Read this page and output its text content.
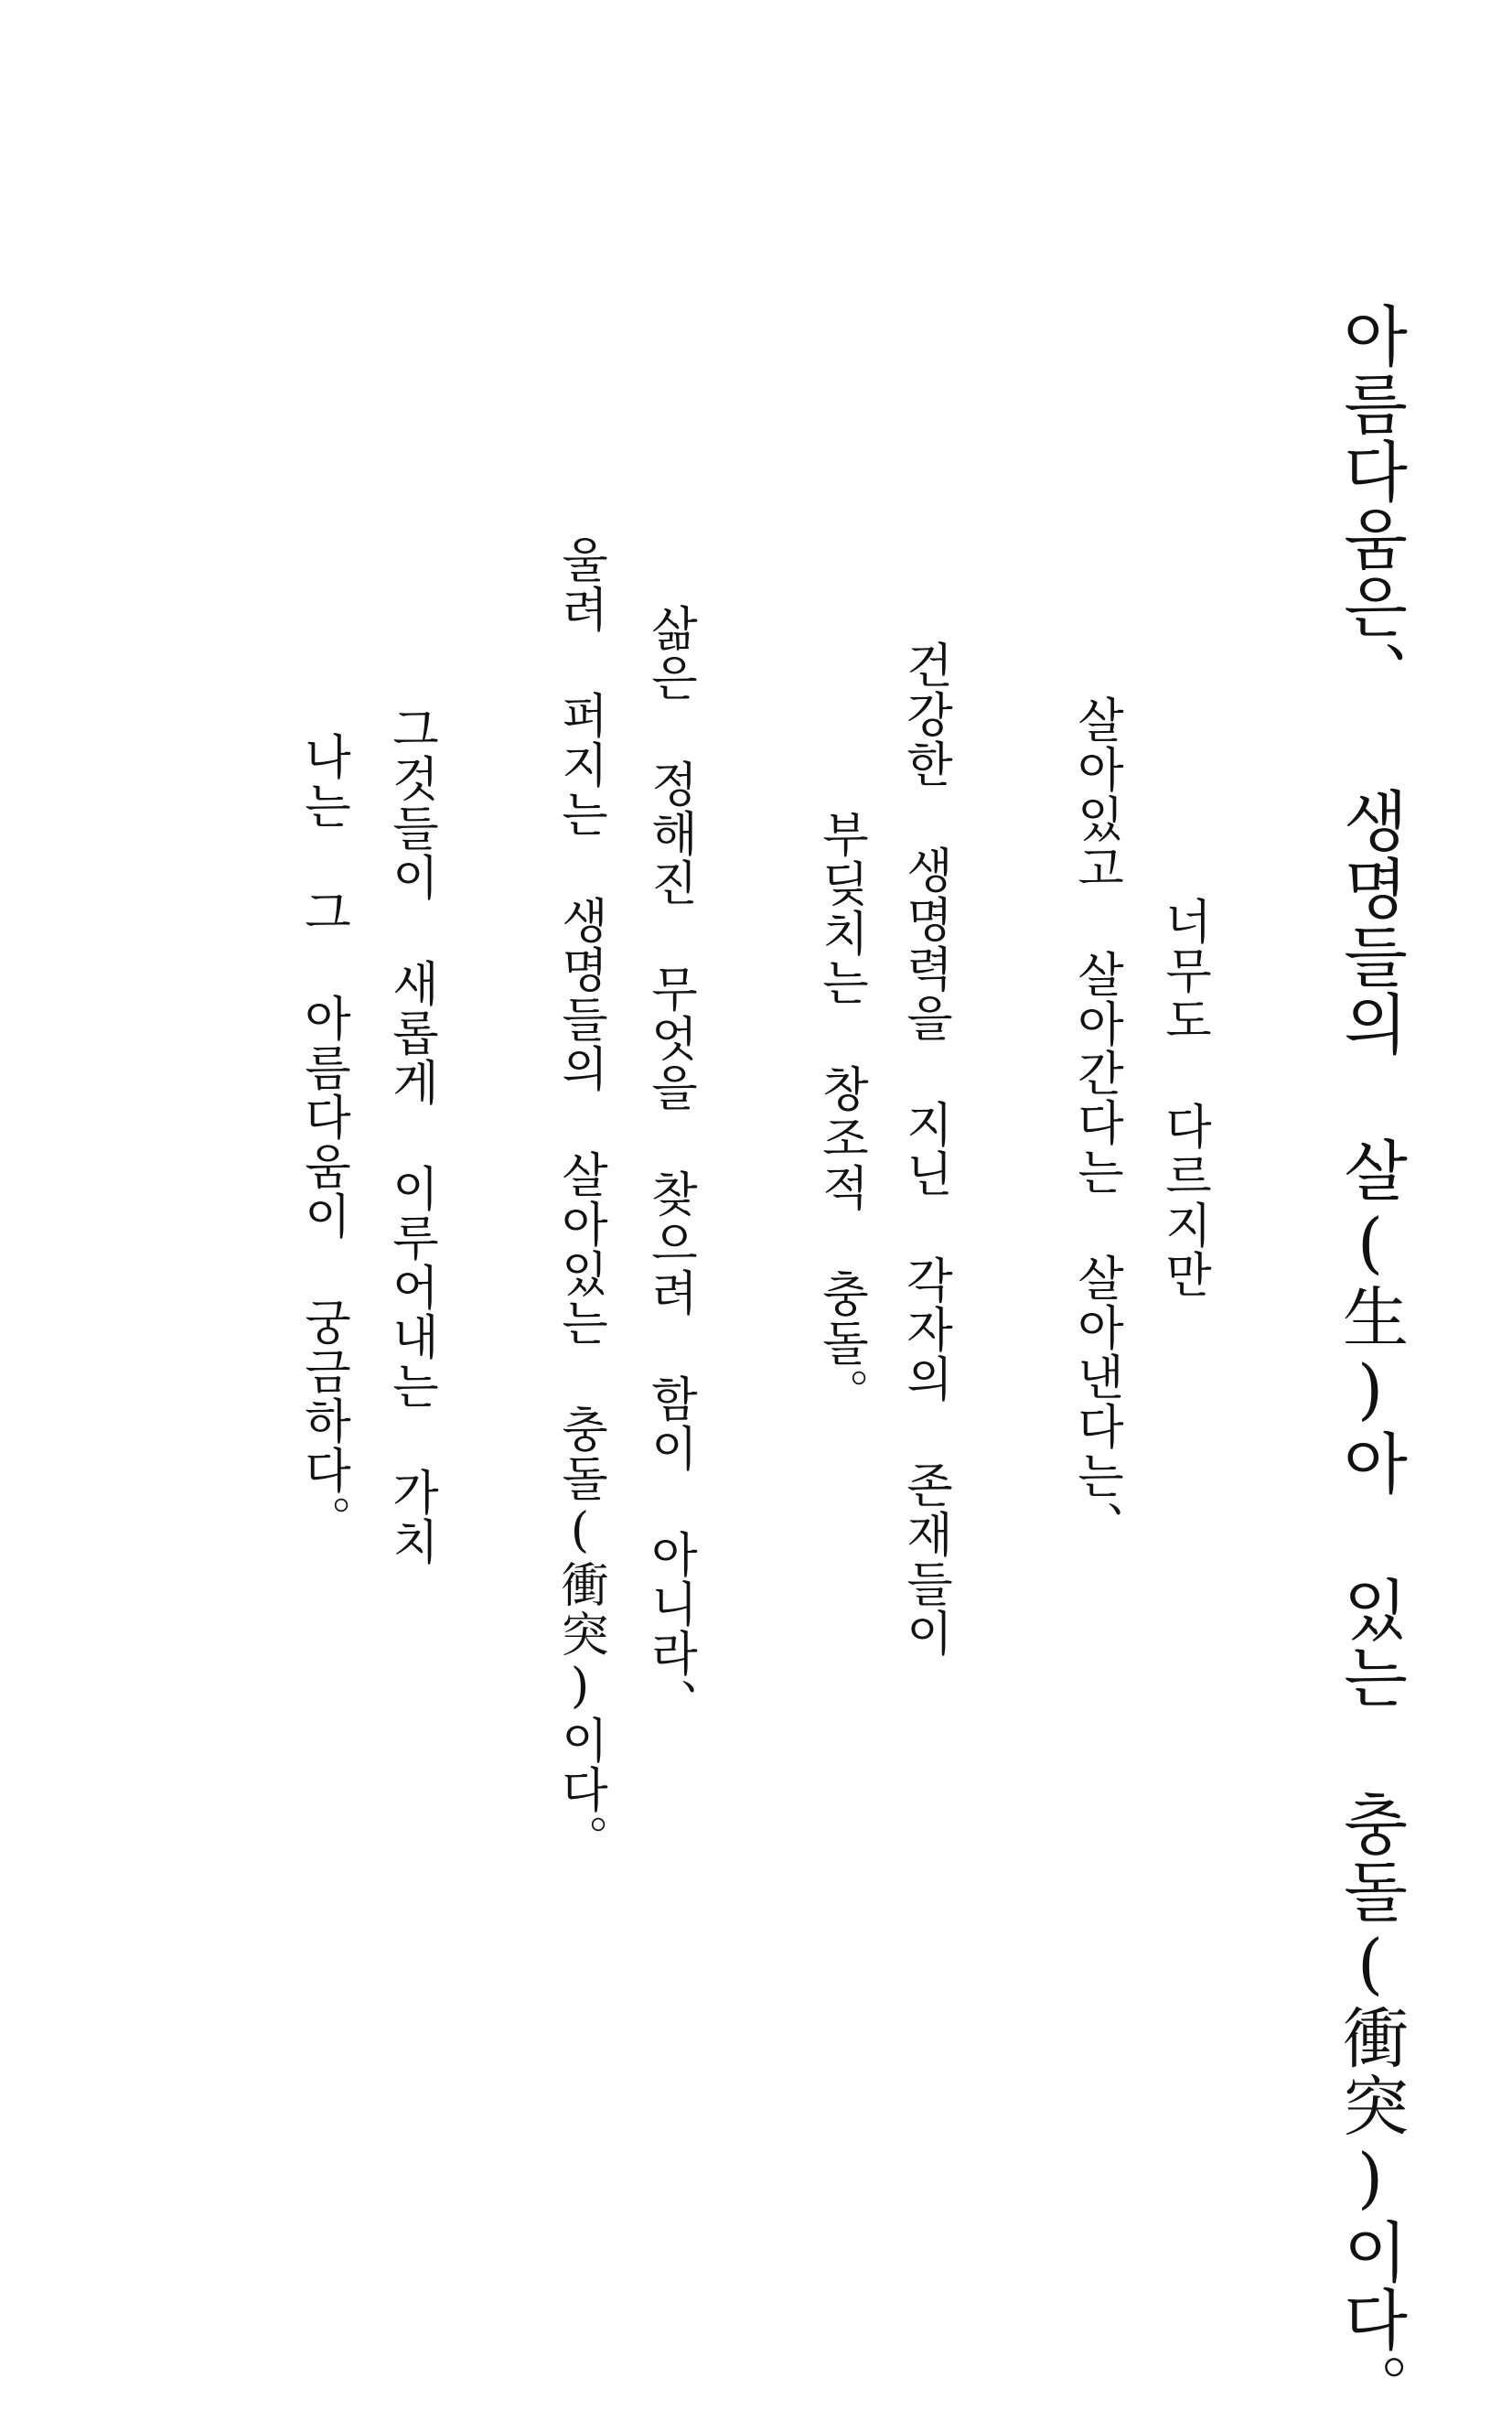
아름다움은、 생명들의 살(生)아 있는 충돌(衝突)이다。
너무도 다르지만
살아있고 살아간다는 살아낸다는、
건강한 생명력을 지닌 각자의 존재들이
부딪치는 창조적 충돌。
삶은 정해진 무엇을 찾으려 함이 아니라、
울려 퍼지는 생명들의 살아있는 충돌(衝突)이다。
그것들이 새롭게 이루어내는 가치
나는 그 아름다움이 궁금하다。
